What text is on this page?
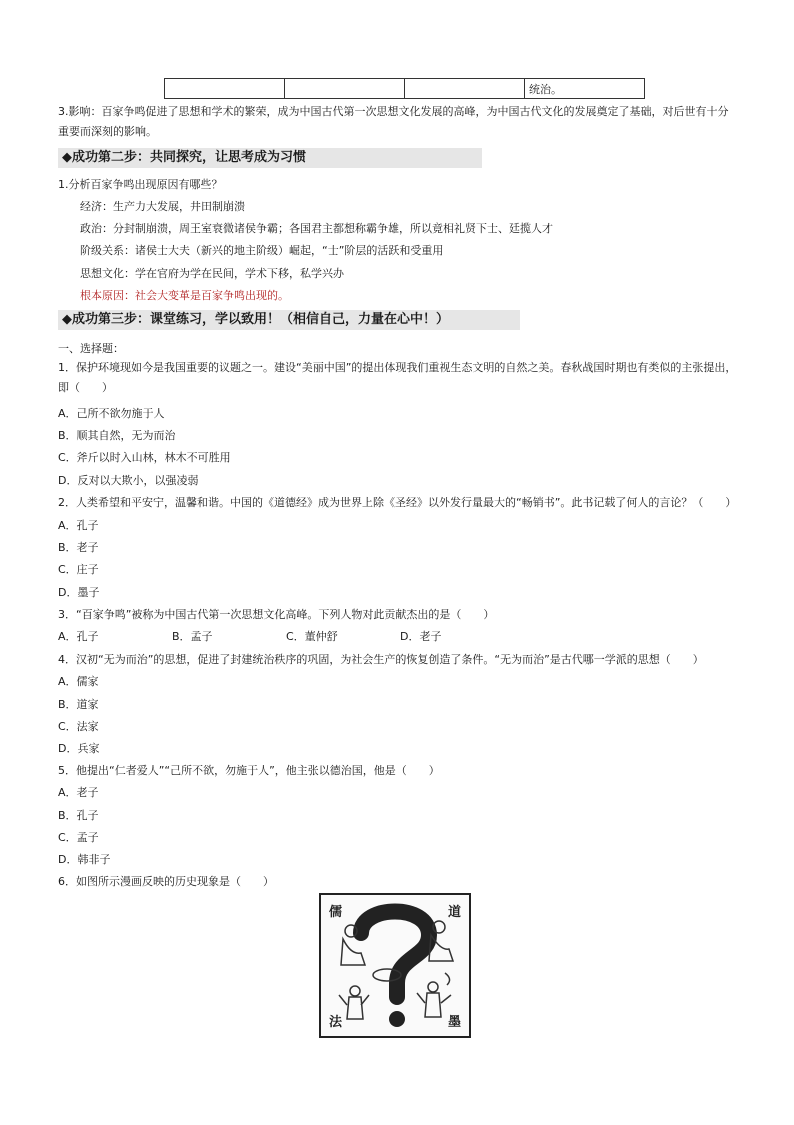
			统治。
3.影响：百家争鸣促进了思想和学术的繁荣，成为中国古代第一次思想文化发展的高峰，为中国古代文化的发展奠定了基础，对后世有十分重要而深刻的影响。
◆成功第二步：共同探究，让思考成为习惯
1.分析百家争鸣出现原因有哪些？
经济：生产力大发展，井田制崩溃
政治：分封制崩溃，周王室衰微诸侯争霸；各国君主都想称霸争雄，所以竟相礼贤下士、廷揽人才
阶级关系：诸侯士大夫（新兴的地主阶级）崛起，“士”阶层的活跃和受重用
思想文化：学在官府为学在民间，学术下移，私学兴办
根本原因：社会大变革是百家争鸣出现的。
◆成功第三步：课堂练习，学以致用！（相信自己，力量在心中！）
一、选择题：
1．保护环境现如今是我国重要的议题之一。建设“美丽中国”的提出体现我们重视生态文明的自然之美。春秋战国时期也有类似的主张提出，即（　　）
A．己所不欲勿施于人
B．顺其自然，无为而治
C．斧斤以时入山林，林木不可胜用
D．反对以大欺小，以强凌弱
2．人类希望和平安宁，温馨和谐。中国的《道德经》成为世界上除《圣经》以外发行量最大的“畅销书”。此书记载了何人的言论？（　　）
A．孔子
B．老子
C．庄子
D．墨子
3．“百家争鸣”被称为中国古代第一次思想文化高峰。下列人物对此贡献杰出的是（　　）
A．孔子	B．孟子	C．董仲舒	D．老子
4．汉初“无为而治”的思想，促进了封建统治秩序的巩固，为社会生产的恢复创造了条件。“无为而治”是古代哪一学派的思想（　　）
A．儒家
B．道家
C．法家
D．兵家
5．他提出“仁者爱人”“己所不欲，勿施于人”，他主张以德治国，他是（　　）
A．老子
B．孔子
C．孟子
D．韩非子
6．如图所示漫画反映的历史现象是（　　）
儒	道
法	墨
